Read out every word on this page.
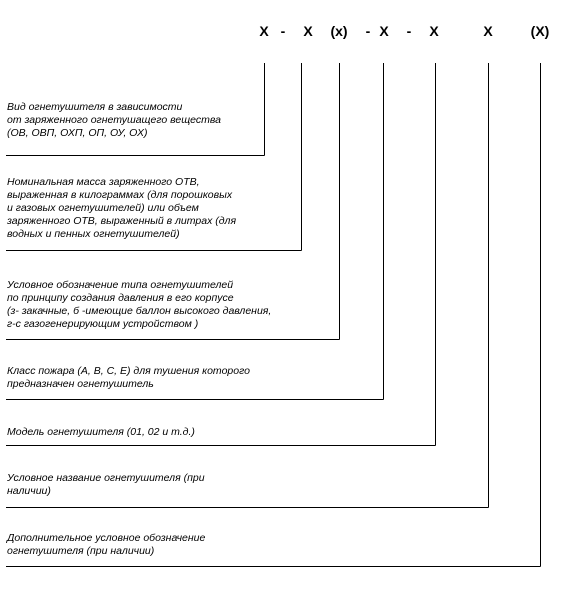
X - X (x) - X - X	X	(X)
Вид огнетушителя в зависимости
от заряженного огнетушащего вещества
(ОВ, ОВП, ОХП, ОП, ОУ, ОХ)
Номинальная масса заряженного ОТВ,
выраженная в килограммах (для порошковых
и газовых огнетушителей) или объем
заряженного ОТВ, выраженный в литрах (для
водных и пенных огнетушителей)
Условное обозначение типа огнетушителей
по принципу создания давления в его корпусе
(з- закачные, б -имеющие баллон высокого давления,
г-с газогенерирующим устройством )
Класс пожара (А, В, С, Е) для тушения которого
предназначен огнетушитель
Модель огнетушителя (01, 02 и т.д.)
Условное название огнетушителя (при
наличии)
Дополнительное условное обозначение
огнетушителя (при наличии)
